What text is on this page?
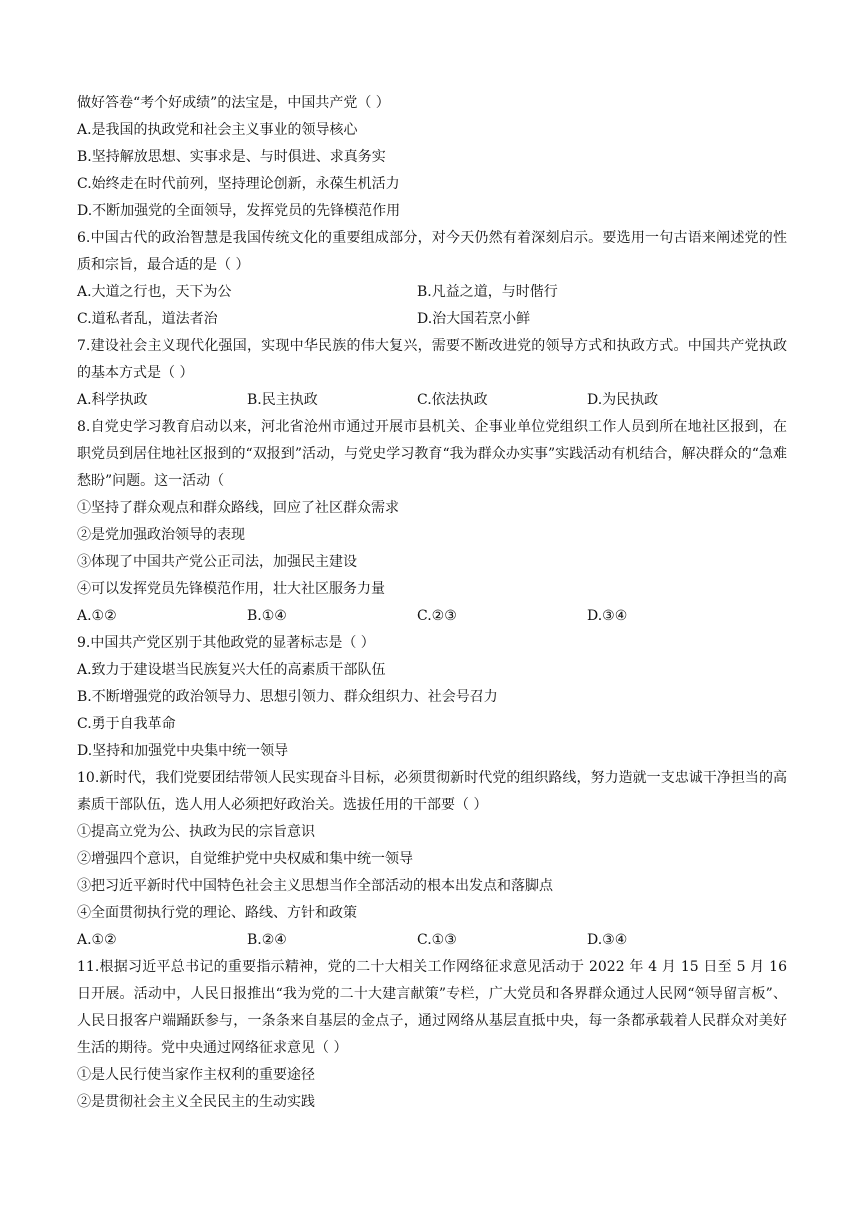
做好答卷“考个好成绩”的法宝是，中国共产党（ ）
A.是我国的执政党和社会主义事业的领导核心
B.坚持解放思想、实事求是、与时俱进、求真务实
C.始终走在时代前列，坚持理论创新，永葆生机活力
D.不断加强党的全面领导，发挥党员的先锋模范作用
6.中国古代的政治智慧是我国传统文化的重要组成部分，对今天仍然有着深刻启示。要选用一句古语来阐述党的性质和宗旨，最合适的是（ ）
A.大道之行也，天下为公	B.凡益之道，与时偕行
C.道私者乱，道法者治	D.治大国若烹小鲜
7.建设社会主义现代化强国，实现中华民族的伟大复兴，需要不断改进党的领导方式和执政方式。中国共产党执政的基本方式是（ ）
A.科学执政	B.民主执政	C.依法执政	D.为民执政
8.自党史学习教育启动以来，河北省沧州市通过开展市县机关、企事业单位党组织工作人员到所在地社区报到，在职党员到居住地社区报到的“双报到”活动，与党史学习教育“我为群众办实事”实践活动有机结合，解决群众的“急难愁盼”问题。这一活动（
①坚持了群众观点和群众路线，回应了社区群众需求
②是党加强政治领导的表现
③体现了中国共产党公正司法，加强民主建设
④可以发挥党员先锋模范作用，壮大社区服务力量
A.①②	B.①④	C.②③	D.③④
9.中国共产党区别于其他政党的显著标志是（ ）
A.致力于建设堪当民族复兴大任的高素质干部队伍
B.不断增强党的政治领导力、思想引领力、群众组织力、社会号召力
C.勇于自我革命
D.坚持和加强党中央集中统一领导
10.新时代，我们党要团结带领人民实现奋斗目标，必须贯彻新时代党的组织路线，努力造就一支忠诚干净担当的高素质干部队伍，选人用人必须把好政治关。选拔任用的干部要（ ）
①提高立党为公、执政为民的宗旨意识
②增强四个意识，自觉维护党中央权威和集中统一领导
③把习近平新时代中国特色社会主义思想当作全部活动的根本出发点和落脚点
④全面贯彻执行党的理论、路线、方针和政策
A.①②	B.②④	C.①③	D.③④
11.根据习近平总书记的重要指示精神，党的二十大相关工作网络征求意见活动于 2022 年 4 月 15 日至 5 月 16 日开展。活动中，人民日报推出“我为党的二十大建言献策”专栏，广大党员和各界群众通过人民网“领导留言板”、人民日报客户端踊跃参与，一条条来自基层的金点子，通过网络从基层直抵中央，每一条都承载着人民群众对美好生活的期待。党中央通过网络征求意见（ ）
①是人民行使当家作主权利的重要途径
②是贯彻社会主义全民民主的生动实践
